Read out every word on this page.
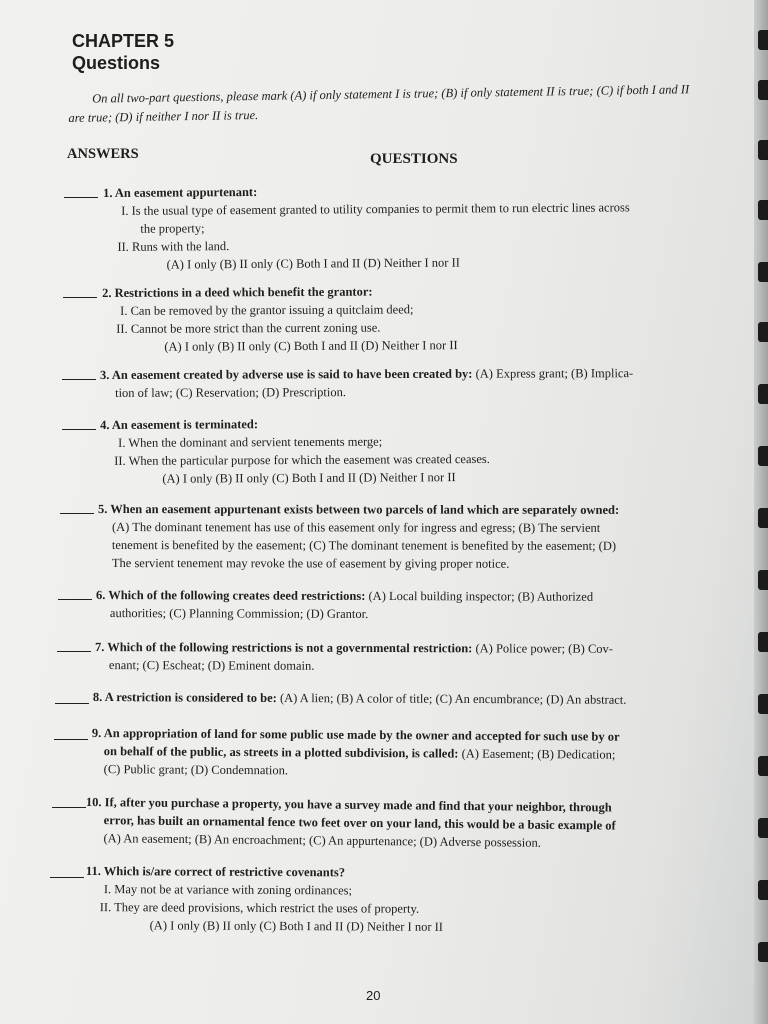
CHAPTER 5
Questions

On all two-part questions, please mark (A) if only statement I is true; (B) if only statement II is true; (C) if both I and II are true; (D) if neither I nor II is true.

ANSWERS	QUESTIONS
1. An easement appurtenant:
I. Is the usual type of easement granted to utility companies to permit them to run electric lines across
the property;
II. Runs with the land.
(A) I only (B) II only (C) Both I and II (D) Neither I nor II
2. Restrictions in a deed which benefit the grantor:
I. Can be removed by the grantor issuing a quitclaim deed;
II. Cannot be more strict than the current zoning use.
(A) I only (B) II only (C) Both I and II (D) Neither I nor II
3. An easement created by adverse use is said to have been created by: (A) Express grant; (B) Implica-
tion of law; (C) Reservation; (D) Prescription.
4. An easement is terminated:
I. When the dominant and servient tenements merge;
II. When the particular purpose for which the easement was created ceases.
(A) I only (B) II only (C) Both I and II (D) Neither I nor II
5. When an easement appurtenant exists between two parcels of land which are separately owned:
(A) The dominant tenement has use of this easement only for ingress and egress; (B) The servient
tenement is benefited by the easement; (C) The dominant tenement is benefited by the easement; (D)
The servient tenement may revoke the use of easement by giving proper notice.
6. Which of the following creates deed restrictions: (A) Local building inspector; (B) Authorized
authorities; (C) Planning Commission; (D) Grantor.
7. Which of the following restrictions is not a governmental restriction: (A) Police power; (B) Cov-
enant; (C) Escheat; (D) Eminent domain.
8. A restriction is considered to be: (A) A lien; (B) A color of title; (C) An encumbrance; (D) An abstract.
9. An appropriation of land for some public use made by the owner and accepted for such use by or
on behalf of the public, as streets in a plotted subdivision, is called: (A) Easement; (B) Dedication;
(C) Public grant; (D) Condemnation.
10. If, after you purchase a property, you have a survey made and find that your neighbor, through
error, has built an ornamental fence two feet over on your land, this would be a basic example of
(A) An easement; (B) An encroachment; (C) An appurtenance; (D) Adverse possession.
11. Which is/are correct of restrictive covenants?
I. May not be at variance with zoning ordinances;
II. They are deed provisions, which restrict the uses of property.
(A) I only (B) II only (C) Both I and II (D) Neither I nor II
20
